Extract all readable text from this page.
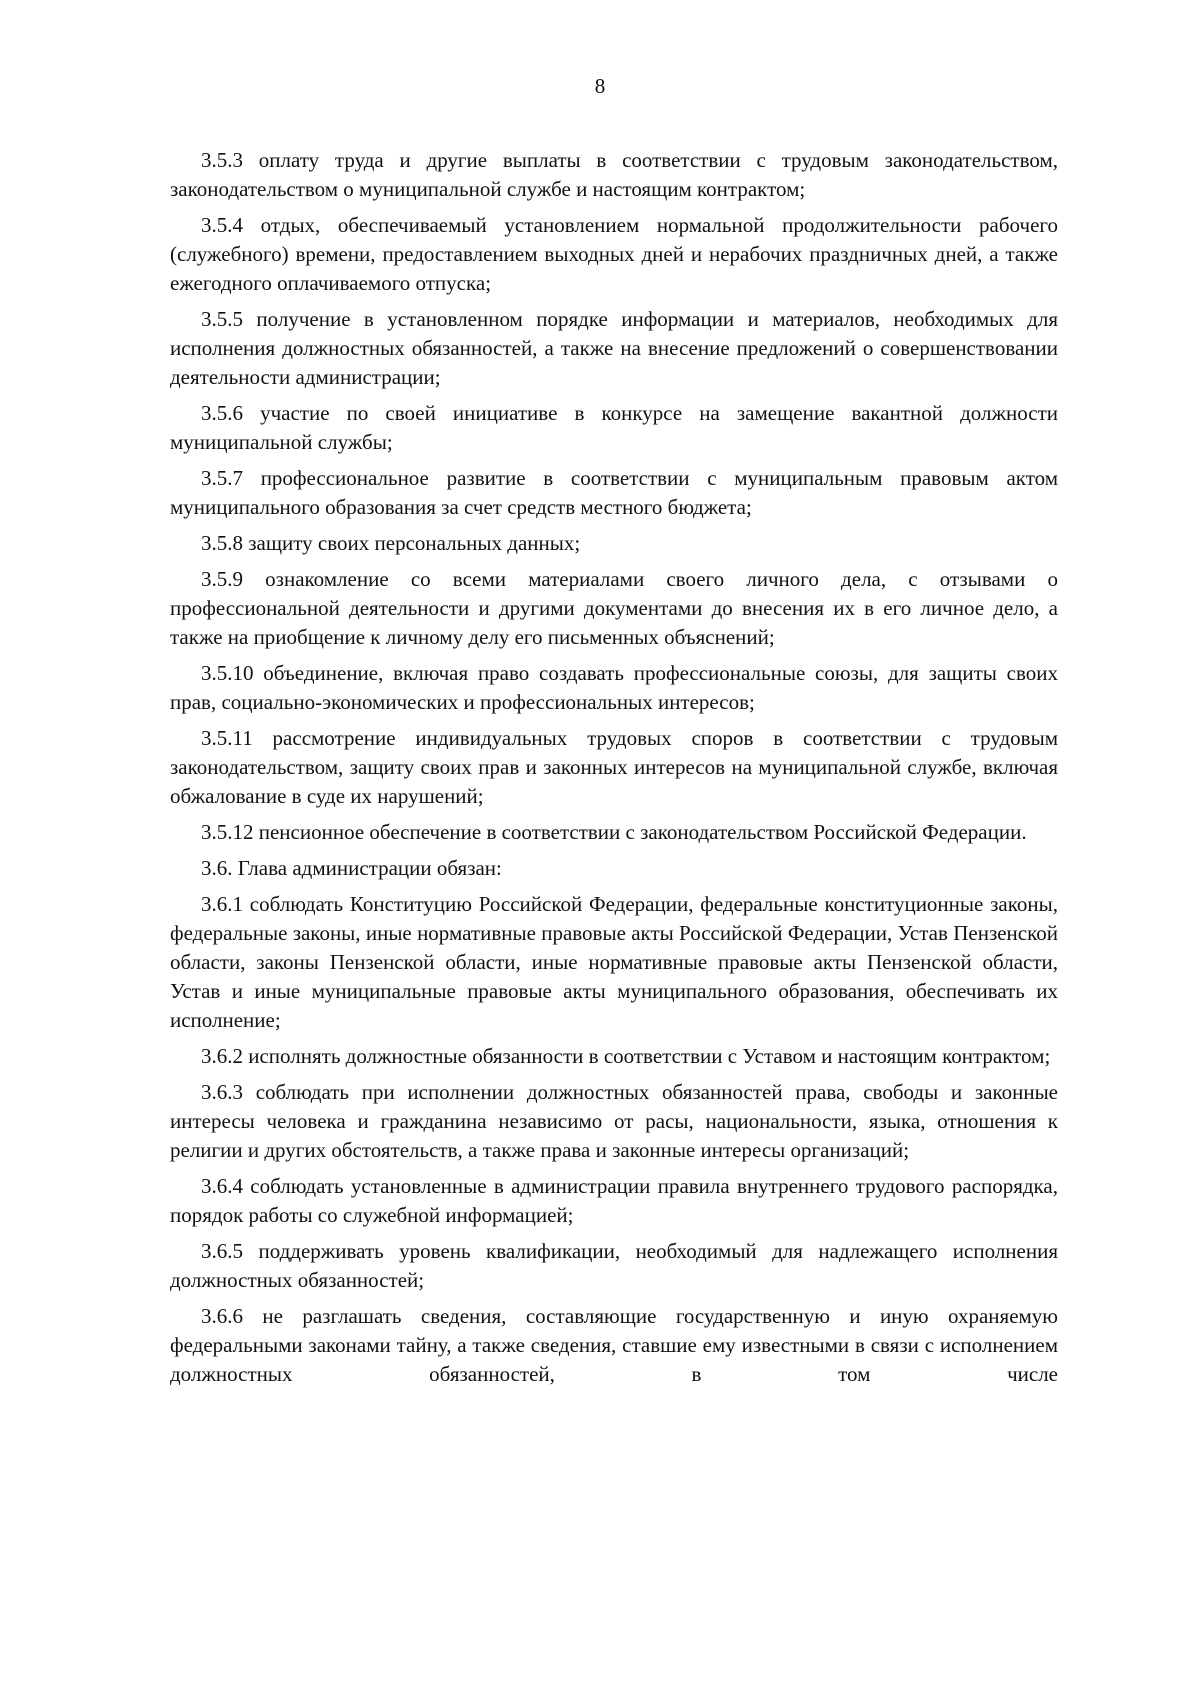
8

3.5.3 оплату труда и другие выплаты в соответствии с трудовым законодательством, законодательством о муниципальной службе и настоящим контрактом;

3.5.4 отдых, обеспечиваемый установлением нормальной продолжительности рабочего (служебного) времени, предоставлением выходных дней и нерабочих праздничных дней, а также ежегодного оплачиваемого отпуска;

3.5.5 получение в установленном порядке информации и материалов, необходимых для исполнения должностных обязанностей, а также на внесение предложений о совершенствовании деятельности администрации;

3.5.6 участие по своей инициативе в конкурсе на замещение вакантной должности муниципальной службы;

3.5.7 профессиональное развитие в соответствии с муниципальным правовым актом муниципального образования за счет средств местного бюджета;

3.5.8 защиту своих персональных данных;

3.5.9 ознакомление со всеми материалами своего личного дела, с отзывами о профессиональной деятельности и другими документами до внесения их в его личное дело, а также на приобщение к личному делу его письменных объяснений;

3.5.10 объединение, включая право создавать профессиональные союзы, для защиты своих прав, социально-экономических и профессиональных интересов;

3.5.11 рассмотрение индивидуальных трудовых споров в соответствии с трудовым законодательством, защиту своих прав и законных интересов на муниципальной службе, включая обжалование в суде их нарушений;

3.5.12 пенсионное обеспечение в соответствии с законодательством Российской Федерации.

3.6. Глава администрации обязан:

3.6.1 соблюдать Конституцию Российской Федерации, федеральные конституционные законы, федеральные законы, иные нормативные правовые акты Российской Федерации, Устав Пензенской области, законы Пензенской области, иные нормативные правовые акты Пензенской области, Устав и иные муниципальные правовые акты муниципального образования, обеспечивать их исполнение;

3.6.2 исполнять должностные обязанности в соответствии с Уставом и настоящим контрактом;

3.6.3 соблюдать при исполнении должностных обязанностей права, свободы и законные интересы человека и гражданина независимо от расы, национальности, языка, отношения к религии и других обстоятельств, а также права и законные интересы организаций;

3.6.4 соблюдать установленные в администрации правила внутреннего трудового распорядка, порядок работы со служебной информацией;

3.6.5 поддерживать уровень квалификации, необходимый для надлежащего исполнения должностных обязанностей;

3.6.6 не разглашать сведения, составляющие государственную и иную охраняемую федеральными законами тайну, а также сведения, ставшие ему известными в связи с исполнением должностных обязанностей, в том числе
